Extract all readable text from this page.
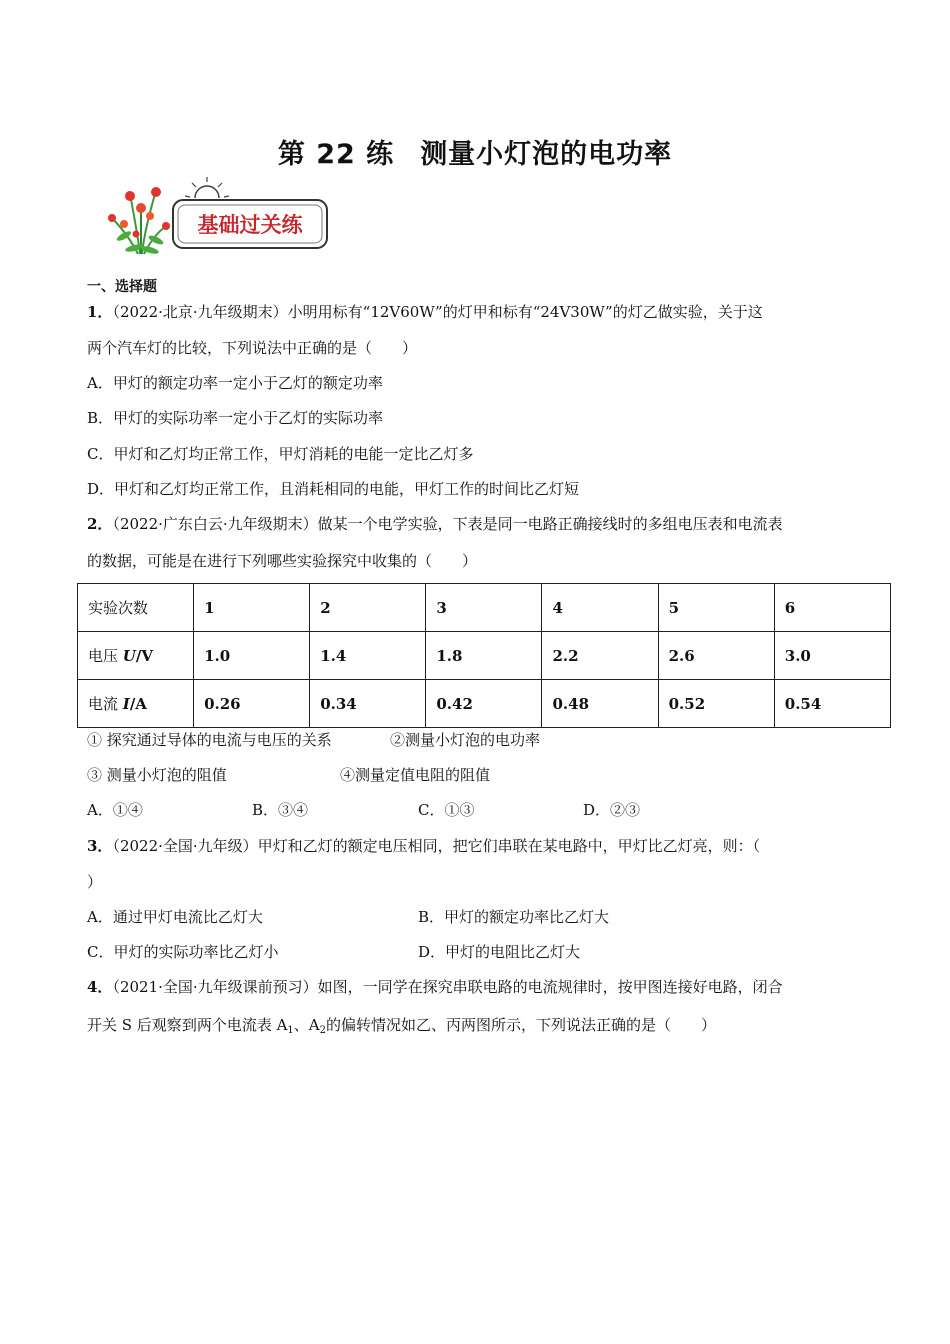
第 22 练 测量小灯泡的电功率
基础过关练
一、选择题
1．（2022·北京·九年级期末）小明用标有“12V60W”的灯甲和标有“24V30W”的灯乙做实验，关于这
两个汽车灯的比较，下列说法中正确的是（　　）
A．甲灯的额定功率一定小于乙灯的额定功率
B．甲灯的实际功率一定小于乙灯的实际功率
C．甲灯和乙灯均正常工作，甲灯消耗的电能一定比乙灯多
D．甲灯和乙灯均正常工作，且消耗相同的电能，甲灯工作的时间比乙灯短
2．（2022·广东白云·九年级期末）做某一个电学实验，下表是同一电路正确接线时的多组电压表和电流表
的数据，可能是在进行下列哪些实验探究中收集的（　　）
实验次数	1	2	3	4	5	6
电压 U/V	1.0	1.4	1.8	2.2	2.6	3.0
电流 I/A	0.26	0.34	0.42	0.48	0.52	0.54
① 探究通过导体的电流与电压的关系	②测量小灯泡的电功率
③ 测量小灯泡的阻值	④测量定值电阻的阻值
A．①④	B．③④	C．①③	D．②③
3．（2022·全国·九年级）甲灯和乙灯的额定电压相同，把它们串联在某电路中，甲灯比乙灯亮，则：（
）
A．通过甲灯电流比乙灯大	B．甲灯的额定功率比乙灯大
C．甲灯的实际功率比乙灯小	D．甲灯的电阻比乙灯大
4．（2021·全国·九年级课前预习）如图，一同学在探究串联电路的电流规律时，按甲图连接好电路，闭合
开关 S 后观察到两个电流表 $A_1$、$A_2$的偏转情况如乙、丙两图所示，下列说法正确的是（　　）
